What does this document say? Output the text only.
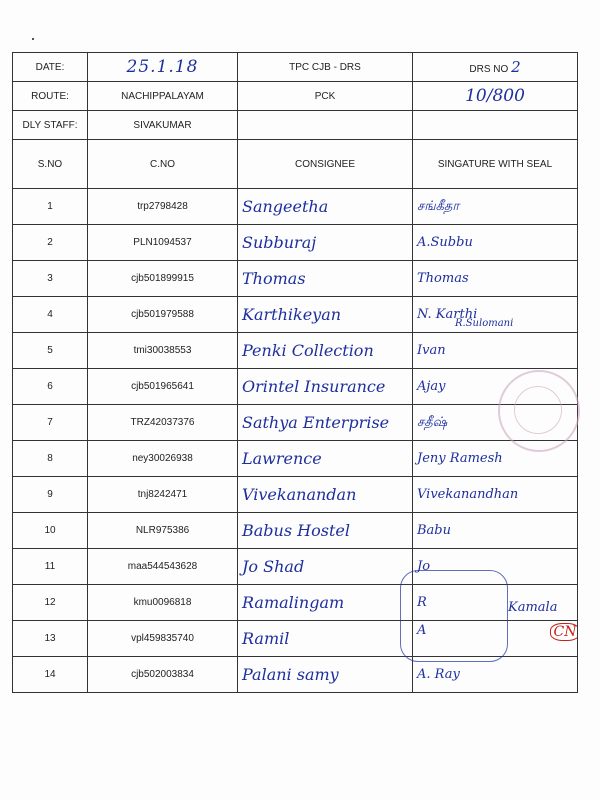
DATE:	25.1.18	TPC CJB - DRS	DRS NO 2
ROUTE:	NACHIPPALAYAM	PCK	10/800
DLY STAFF:	SIVAKUMAR		
S.NO	C.NO	CONSIGNEE	SINGATURE WITH SEAL
1	trp2798428	Sangeetha	சங்கீதா

2	PLN1094537	Subburaj	A.Subbu

3	cjb501899915	Thomas	Thomas

4	cjb501979588	Karthikeyan	N. Karthi

5	tmi30038553	Penki Collection	Ivan

6	cjb501965641	Orintel Insurance	Ajay

7	TRZ42037376	Sathya Enterprise	சதீஷ்

8	ney30026938	Lawrence	Jeny Ramesh

9	tnj8242471	Vivekanandan	Vivekanandhan

10	NLR975386	Babus Hostel	Babu

11	maa544543628	Jo Shad	Jo

12	kmu0096818	Ramalingam	R

13	vpl459835740	Ramil	A CN
14	cjb502003834	Palani samy	A. Ray
Kamala
R.Sulomani
